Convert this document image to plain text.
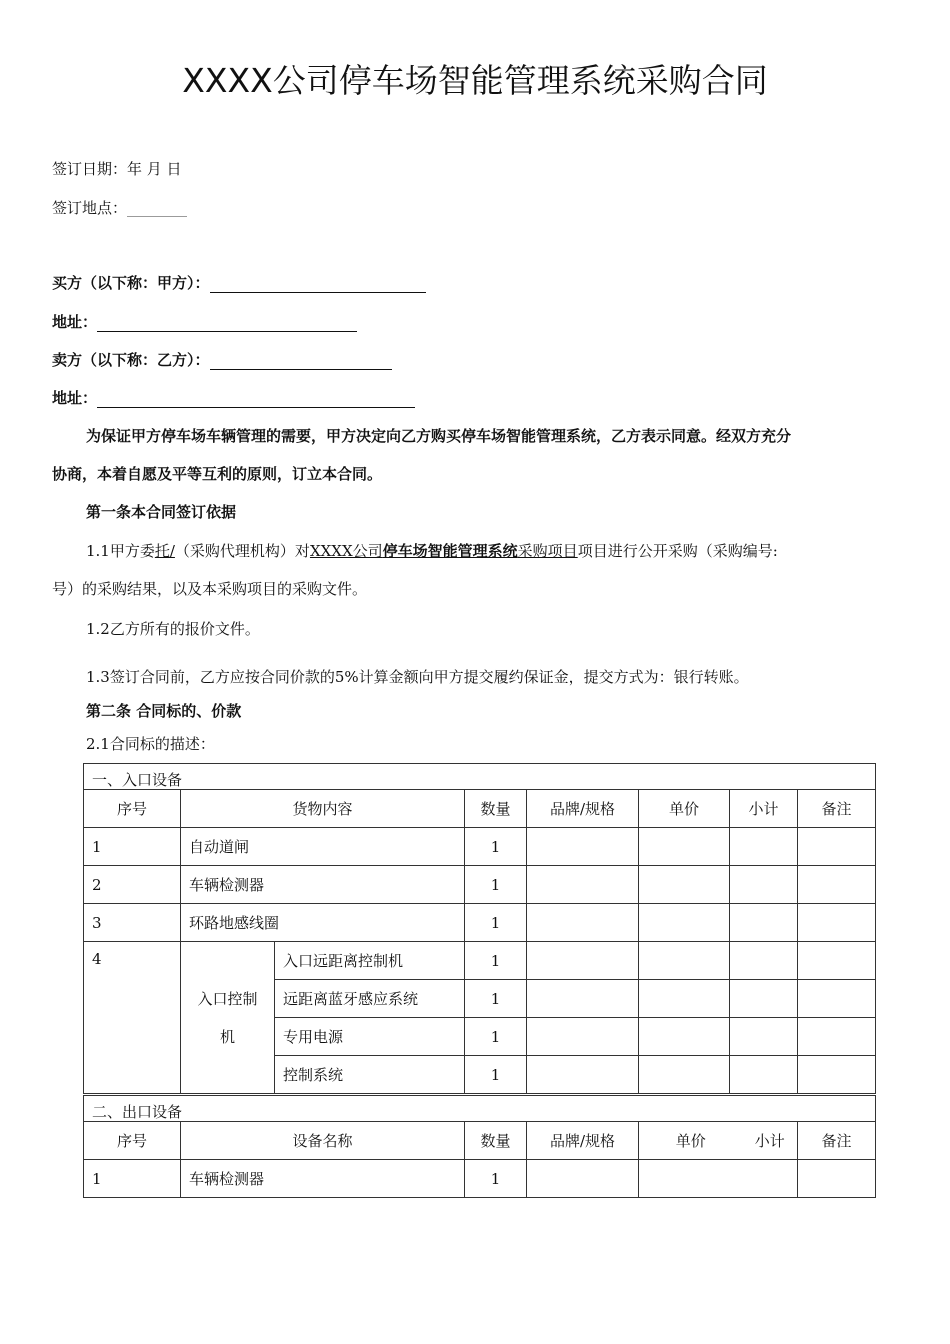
XXXX公司停车场智能管理系统采购合同
签订日期：年 月 日
签订地点：________
买方（以下称：甲方）：
地址：
卖方（以下称：乙方）：
地址：
为保证甲方停车场车辆管理的需要，甲方决定向乙方购买停车场智能管理系统，乙方表示同意。经双方充分
协商，本着自愿及平等互利的原则，订立本合同。
第一条本合同签订依据
1.1甲方委托/（采购代理机构）对XXXX公司停车场智能管理系统采购项目项目进行公开采购（采购编号:
号）的采购结果，以及本采购项目的采购文件。
1.2乙方所有的报价文件。
1.3签订合同前，乙方应按合同价款的5%计算金额向甲方提交履约保证金，提交方式为：银行转账。
第二条 合同标的、价款
2.1合同标的描述：
一、入口设备							
序号	货物内容		数量	品牌/规格	单价	小计	备注
1	自动道闸		1				
2	车辆检测器		1				
3	环路地感线圈		1				
4	入口控制
机	入口远距离控制机	1				
		远距离蓝牙感应系统	1				
		专用电源	1				
		控制系统	1				
二、出口设备						
序号	设备名称	数量	品牌/规格	单价	小计	备注
1	车辆检测器	1				
